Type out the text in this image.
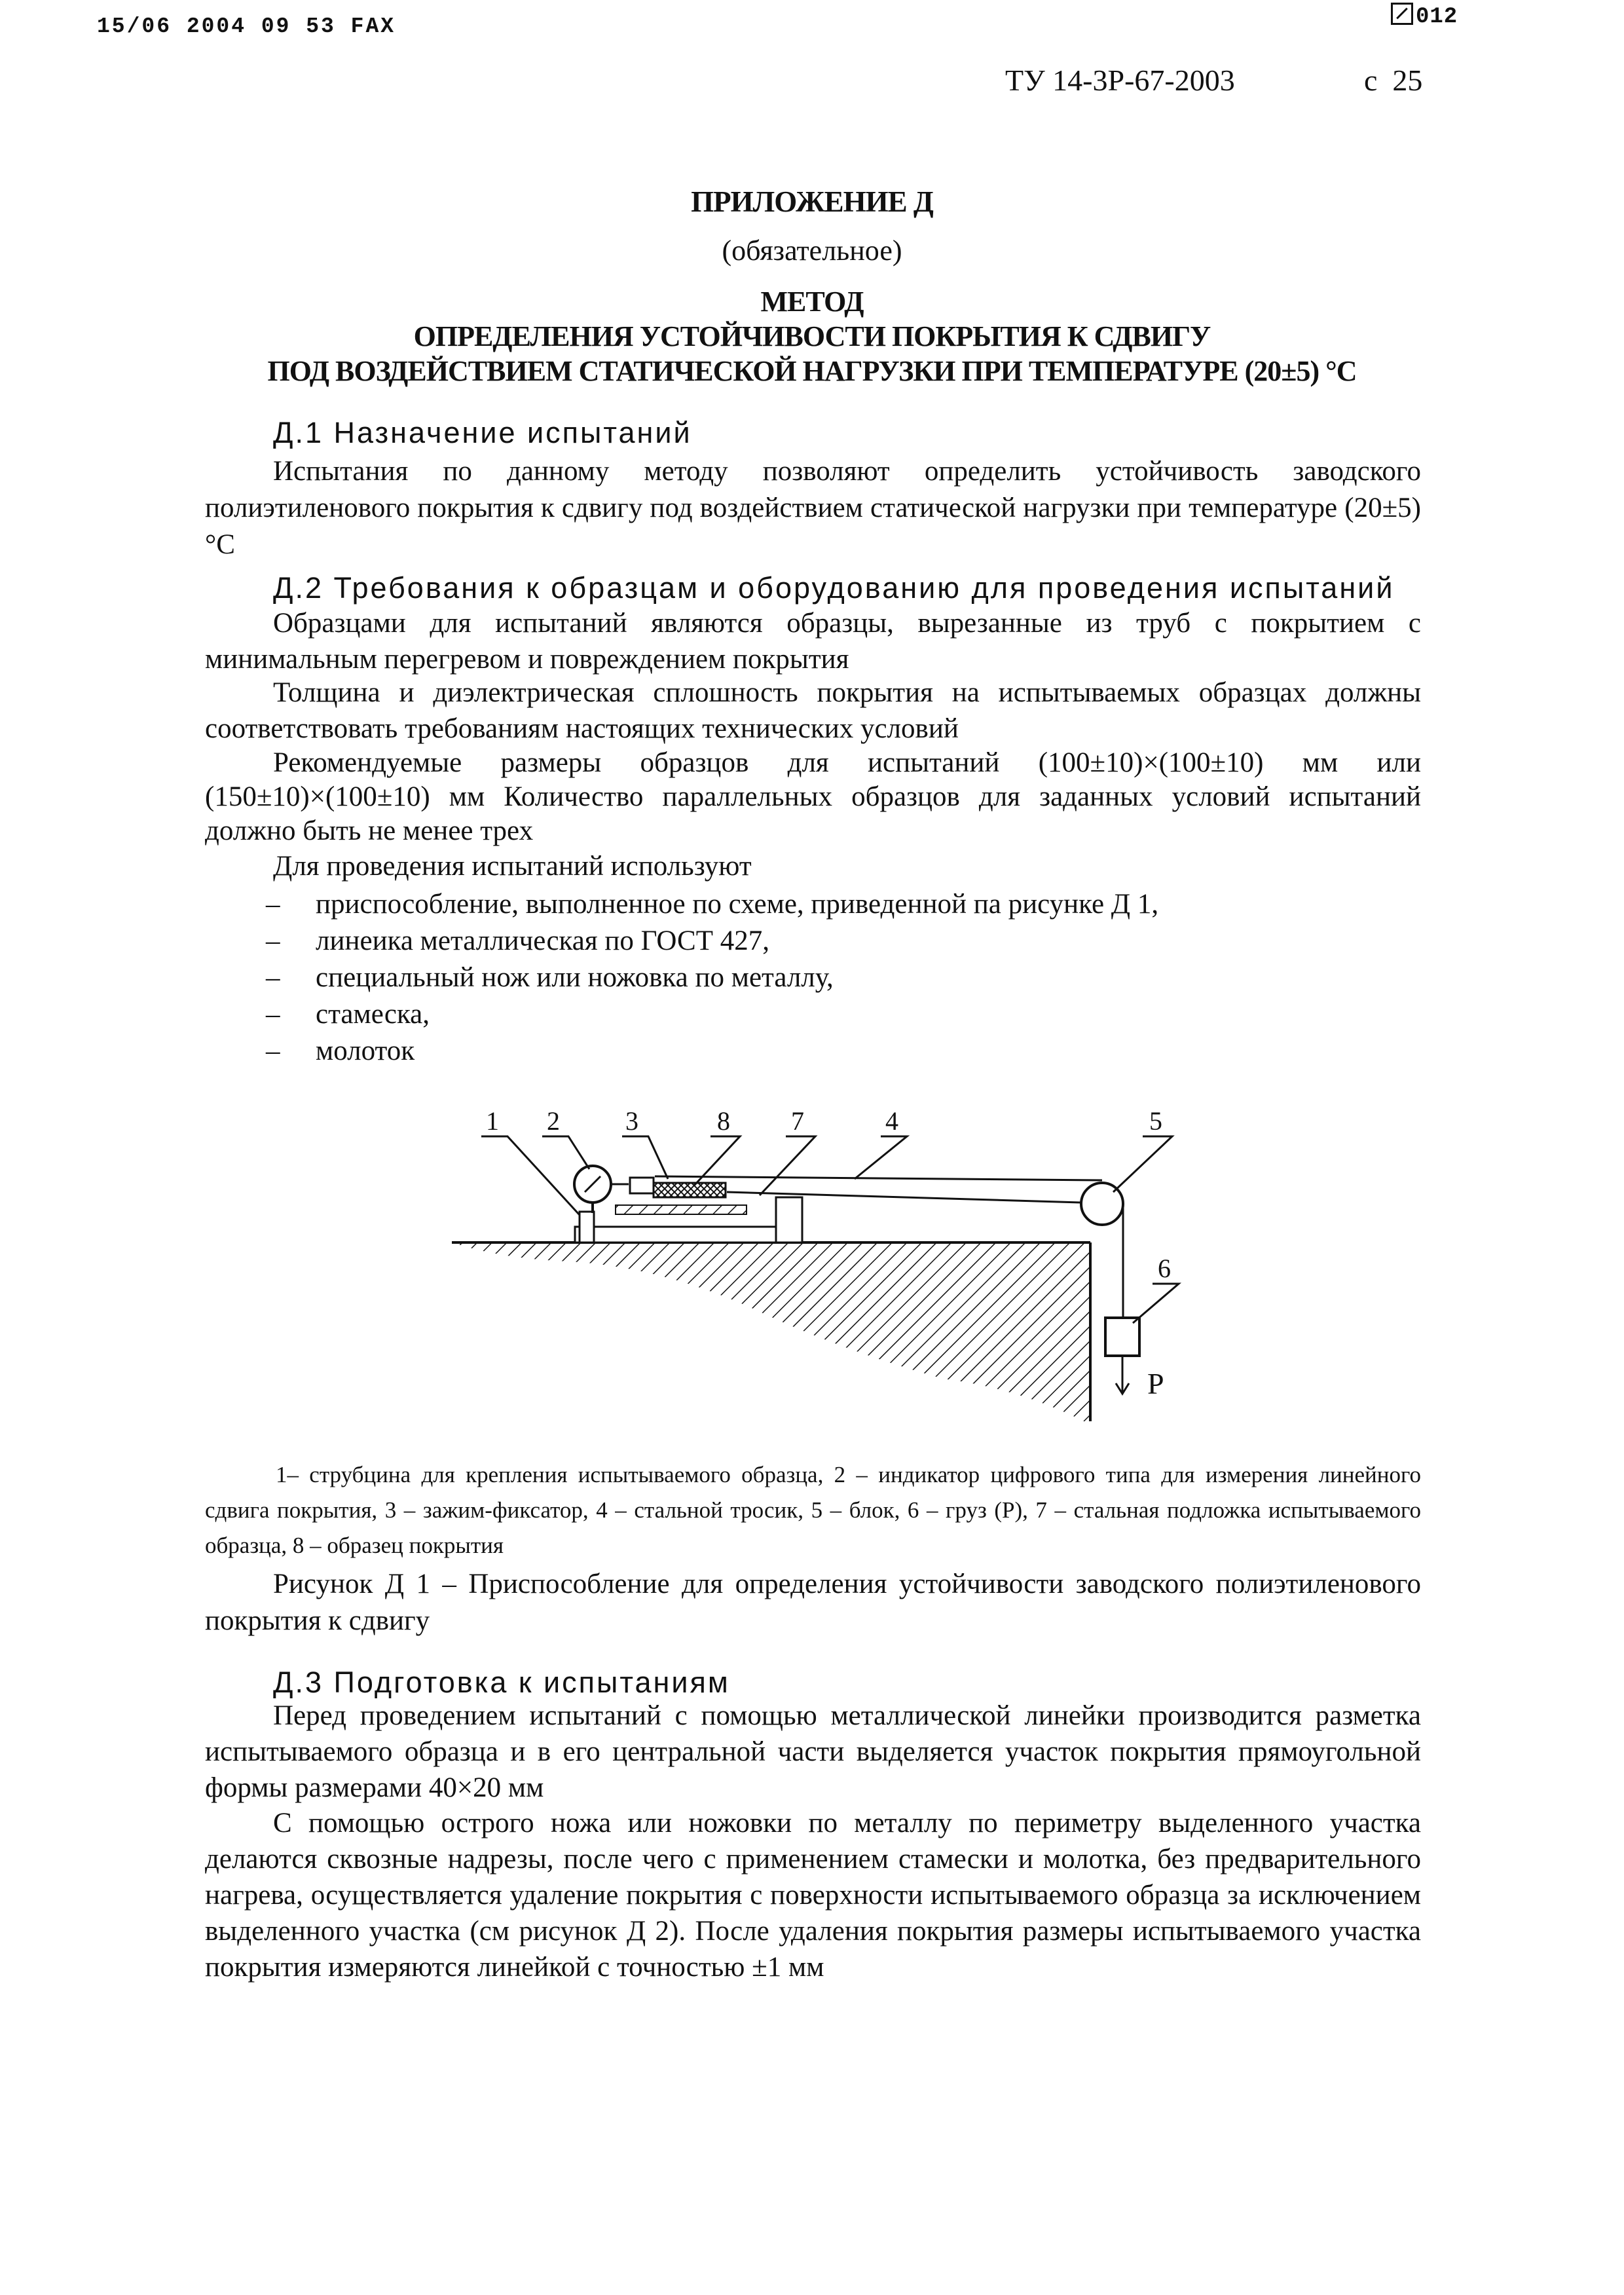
15/06 2004 09 53 FAX	012
ТУ 14-3Р-67-2003	с  25
ПРИЛОЖЕНИЕ Д
(обязательное)
МЕТОД
ОПРЕДЕЛЕНИЯ УСТОЙЧИВОСТИ ПОКРЫТИЯ К СДВИГУ
ПОД ВОЗДЕЙСТВИЕМ СТАТИЧЕСКОЙ НАГРУЗКИ ПРИ ТЕМПЕРАТУРЕ (20±5) °С
Д.1 Назначение испытаний
Испытания по данному методу позволяют определить устойчивость заводского полиэтиленового покрытия к сдвигу под воздействием статической нагрузки при температуре (20±5) °С
Д.2 Требования к образцам и оборудованию для проведения испытаний
Образцами для испытаний являются образцы, вырезанные из труб с покрытием с минимальным перегревом и повреждением покрытия
Толщина и диэлектрическая сплошность покрытия на испытываемых образцах должны соответствовать требованиям настоящих технических условий
Рекомендуемые размеры образцов для испытаний (100±10)×(100±10) мм или (150±10)×(100±10) мм Количество параллельных образцов для заданных условий испытаний должно быть не менее трех
Для проведения испытаний используют
– приспособление, выполненное по схеме, приведенной па рисунке Д 1,
– линеика металлическая по ГОСТ 427,
– специальный нож или ножовка по металлу,
– стамеска,
– молоток
1 2	3	8 7	4	5
6
P
1– струбцина для крепления испытываемого образца, 2 – индикатор цифрового типа для измерения линейного сдвига покрытия, 3 – зажим-фиксатор, 4 – стальной тросик, 5 – блок, 6 – груз (Р), 7 – стальная подложка испытываемого образца, 8 – образец покрытия
Рисунок Д 1 – Приспособление для определения устойчивости заводского полиэтиленового покрытия к сдвигу
Д.3 Подготовка к испытаниям
Перед проведением испытаний с помощью металлической линейки производится разметка испытываемого образца и в его центральной части выделяется участок покрытия прямоугольной формы размерами 40×20 мм
С помощью острого ножа или ножовки по металлу по периметру выделенного участка делаются сквозные надрезы, после чего с применением стамески и молотка, без предварительного нагрева, осуществляется удаление покрытия с поверхности испытываемого образца за исключением выделенного участка (см рисунок Д 2). После удаления покрытия размеры испытываемого участка покрытия измеряются линейкой с точностью ±1 мм
